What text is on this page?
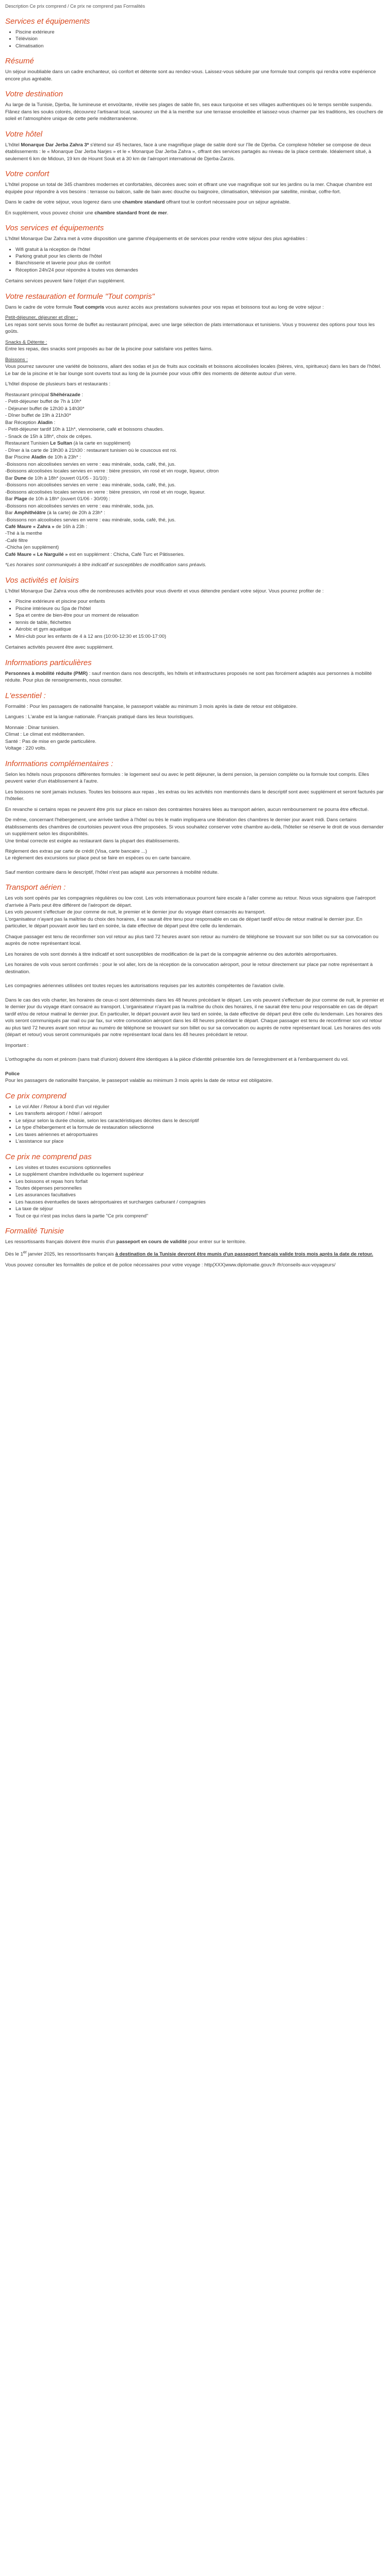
Description Ce prix comprend / Ce prix ne comprend pas Formalités
Services et équipements
• Piscine extérieure
• Télévision
• Climatisation
Résumé

Un séjour inoubliable dans un cadre enchanteur, où confort et détente sont au rendez-vous. Laissez-vous séduire par une formule tout compris qui rendra votre expérience encore plus agréable.

Votre destination

Au large de la Tunisie, Djerba, île lumineuse et envoûtante, révèle ses plages de sable fin, ses eaux turquoise et ses villages authentiques où le temps semble suspendu. Flânez dans les souks colorés, découvrez l'artisanat local, savourez un thé à la menthe sur une terrasse ensoleillée et laissez-vous charmer par les traditions, les couchers de soleil et l'atmosphère unique de cette perle méditerranéenne.

Votre hôtel

L'hôtel Monarque Dar Jerba Zahra 3* s'étend sur 45 hectares, face à une magnifique plage de sable doré sur l'île de Djerba. Ce complexe hôtelier se compose de deux établissements : le « Monarque Dar Jerba Narjes » et le « Monarque Dar Jerba Zahra », offrant des services partagés au niveau de la place centrale. Idéalement situé, à seulement 6 km de Midoun, 19 km de Houmt Souk et à 30 km de l'aéroport international de Djerba-Zarzis.

Votre confort

L'hôtel propose un total de 345 chambres modernes et confortables, décorées avec soin et offrant une vue magnifique soit sur les jardins ou la mer. Chaque chambre est équipée pour répondre à vos besoins : terrasse ou balcon, salle de bain avec douche ou baignoire, climatisation, télévision par satellite, minibar, coffre-fort.

Dans le cadre de votre séjour, vous logerez dans une chambre standard offrant tout le confort nécessaire pour un séjour agréable.

En supplément, vous pouvez choisir une chambre standard front de mer.

Vos services et équipements

L'hôtel Monarque Dar Zahra met à votre disposition une gamme d'équipements et de services pour rendre votre séjour des plus agréables :

• Wifi gratuit à la réception de l'hôtel
• Parking gratuit pour les clients de l'hôtel
• Blanchisserie et laverie pour plus de confort
• Réception 24h/24 pour répondre à toutes vos demandes

Certains services peuvent faire l'objet d'un supplément.

Votre restauration et formule "Tout compris"

Dans le cadre de votre formule Tout compris vous aurez accès aux prestations suivantes pour vos repas et boissons tout au long de votre séjour :

Petit-déjeuner, déjeuner et dîner :

Les repas sont servis sous forme de buffet au restaurant principal, avec une large sélection de plats internationaux et tunisiens. Vous y trouverez des options pour tous les goûts.

Snacks & Détente :

Entre les repas, des snacks sont proposés au bar de la piscine pour satisfaire vos petites faims.

Boissons :

Vous pourrez savourer une variété de boissons, allant des sodas et jus de fruits aux cocktails et boissons alcoolisées locales (bières, vins, spiritueux) dans les bars de l'hôtel. Le bar de la piscine et le bar lounge sont ouverts tout au long de la journée pour vous offrir des moments de détente autour d'un verre.

L'hôtel dispose de plusieurs bars et restaurants :

Restaurant principal Shéhérazade :

- Petit-déjeuner buffet de 7h à 10h*

- Déjeuner buffet de 12h30 à 14h30*

- Dîner buffet de 19h à 21h30*

Bar Réception Aladin :

- Petit-déjeuner tardif 10h à 11h*, viennoiserie, café et boissons chaudes.

- Snack de 15h à 18h*, choix de crêpes.

Restaurant Tunisien Le Sultan (à la carte en supplément)

- Dîner à la carte de 19h30 à 21h30 : restaurant tunisien où le couscous est roi.

Bar Piscine Aladin de 10h à 23h* :

-Boissons non alcoolisées servies en verre : eau minérale, soda, café, thé, jus.

-Boissons alcoolisées locales servies en verre : bière pression, vin rosé et vin rouge, liqueur, citron

Bar Dune de 10h à 18h* (ouvert 01/05 - 31/10) :

-Boissons non alcoolisées servies en verre : eau minérale, soda, café, thé, jus.

-Boissons alcoolisées locales servies en verre : bière pression, vin rosé et vin rouge, liqueur.

Bar Plage de 10h à 18h* (ouvert 01/06 - 30/09) :

-Boissons non alcoolisées servies en verre : eau minérale, soda, jus.

Bar Amphithéâtre (à la carte) de 20h à 23h* :

-Boissons non alcoolisées servies en verre : eau minérale, soda, café, thé, jus.

Café Maure « Zahra » de 16h à 23h :

-Thé à la menthe

-Café filtre

-Chicha (en supplément)

Café Maure « Le Narguilé » est en supplément : Chicha, Café Turc et Pâtisseries.

*Les horaires sont communiqués à titre indicatif et susceptibles de modification sans préavis.

Vos activités et loisirs

L'hôtel Monarque Dar Zahra vous offre de nombreuses activités pour vous divertir et vous détendre pendant votre séjour. Vous pourrez profiter de :

• Piscine extérieure et piscine pour enfants
• Piscine intérieure ou Spa de l'hôtel
• Spa et centre de bien-être pour un moment de relaxation
• tennis de table, fléchettes
• Aérobic et gym aquatique
• Mini-club pour les enfants de 4 à 12 ans (10:00-12:30 et 15:00-17:00)

Certaines activités peuvent être avec supplément.

Informations particulières

Personnes à mobilité réduite (PMR) : sauf mention dans nos descriptifs, les hôtels et infrastructures proposés ne sont pas forcément adaptés aux personnes à mobilité réduite. Pour plus de renseignements, nous consulter.

L'essentiel :

Formalité : Pour les passagers de nationalité française, le passeport valable au minimum 3 mois après la date de retour est obligatoire.

Langues : L'arabe est la langue nationale. Français pratiqué dans les lieux touristiques.

Monnaie : Dinar tunisien.

Climat : Le climat est méditerranéen.

Santé : Pas de mise en garde particulière.

Voltage : 220 volts.

Informations complémentaires :

Selon les hôtels nous proposons différentes formules : le logement seul ou avec le petit déjeuner, la demi pension, la pension complète ou la formule tout compris. Elles peuvent varier d'un établissement à l'autre.

Les boissons ne sont jamais incluses. Toutes les boissons aux repas , les extras ou les activités non mentionnés dans le descriptif sont avec supplément et seront facturés par l'hôtelier.

En revanche si certains repas ne peuvent être pris sur place en raison des contraintes horaires liées au transport aérien, aucun remboursement ne pourra être effectué.

De même, concernant l'hébergement, une arrivée tardive à l'hôtel ou très le matin impliquera une libération des chambres le dernier jour avant midi. Dans certains établissements des chambres de courtoisies peuvent vous être proposées. Si vous souhaitez conserver votre chambre au-delà, l'hôtelier se réserve le droit de vous demander un supplément selon les disponibilités.
Une timbal correcte est exigée au restaurant dans la plupart des établissements.

Règlement des extras par carte de crédit (Visa, carte bancaire ...)
Le règlement des excursions sur place peut se faire en espèces ou en carte bancaire.

Sauf mention contraire dans le descriptif, l'hôtel n'est pas adapté aux personnes à mobilité réduite.

Transport aérien :

Les vols sont opérés par les compagnies régulières ou low cost. Les vols internationaux pourront faire escale à l'aller comme au retour. Nous vous signalons que l'aéroport d'arrivée à Paris peut être différent de l'aéroport de départ.
Les vols peuvent s'effectuer de jour comme de nuit, le premier et le dernier jour du voyage étant consacrés au transport.
L'organisateur n'ayant pas la maîtrise du choix des horaires, il ne saurait être tenu pour responsable en cas de départ tardif et/ou de retour matinal le dernier jour. En particulier, le départ pouvant avoir lieu tard en soirée, la date effective de départ peut être celle du lendemain.

Chaque passager est tenu de reconfirmer son vol retour au plus tard 72 heures avant son retour au numéro de téléphone se trouvant sur son billet ou sur sa convocation ou auprès de notre représentant local.

Les horaires de vols sont donnés à titre indicatif et sont susceptibles de modification de la part de la compagnie aérienne ou des autorités aéroportuaires.

Les horaires de vols vous seront confirmés : pour le vol aller, lors de la réception de la convocation aéroport, pour le retour directement sur place par notre représentant à destination.

Les compagnies aériennes utilisées ont toutes reçues les autorisations requises par les autorités compétentes de l'aviation civile.

Dans le cas des vols charter, les horaires de ceux-ci sont déterminés dans les 48 heures précédant le départ. Les vols peuvent s'effectuer de jour comme de nuit, le premier et le dernier jour du voyage étant consacré au transport. L'organisateur n'ayant pas la maîtrise du choix des horaires, il ne saurait être tenu pour responsable en cas de départ tardif et/ou de retour matinal le dernier jour. En particulier, le départ pouvant avoir lieu tard en soirée, la date effective de départ peut être celle du lendemain. Les horaires des vols seront communiqués par mail ou par fax, sur votre convocation aéroport dans les 48 heures précédant le départ. Chaque passager est tenu de reconfirmer son vol retour au plus tard 72 heures avant son retour au numéro de téléphone se trouvant sur son billet ou sur sa convocation ou auprès de notre représentant local. Les horaires des vols (départ et retour) vous seront communiqués par notre représentant local dans les 48 heures précédant le retour.

Important :

L'orthographe du nom et prénom (sans trait d'union) doivent être identiques à la pièce d'identité présentée lors de l'enregistrement et à l'embarquement du vol.

Police

Pour les passagers de nationalité française, le passeport valable au minimum 3 mois après la date de retour est obligatoire.

Ce prix comprend
• Le vol Aller / Retour à bord d'un vol régulier
• Les transferts aéroport / hôtel / aéroport
• Le séjour selon la durée choisie, selon les caractéristiques décrites dans le descriptif
• Le type d'hébergement et la formule de restauration sélectionné
• Les taxes aériennes et aéroportuaires
• L'assistance sur place
Ce prix ne comprend pas
• Les visites et toutes excursions optionnelles
• Le supplément chambre individuelle ou logement supérieur
• Les boissons et repas hors forfait
• Toutes dépenses personnelles
• Les assurances facultatives
• Les hausses éventuelles de taxes aéroportuaires et surcharges carburant / compagnies
• La taxe de séjour
• Tout ce qui n'est pas inclus dans la partie "Ce prix comprend"
Formalité Tunisie

Les ressortissants français doivent être munis d'un passeport en cours de validité pour entrer sur le territoire.

Dès le 1er janvier 2025, les ressortissants français à destination de la Tunisie devront être munis d'un passeport français valide trois mois après la date de retour.

Vous pouvez consulter les formalités de police et de police nécessaires pour votre voyage : http(XXX)www.diplomatie.gouv.fr /fr/conseils-aux-voyageurs/
